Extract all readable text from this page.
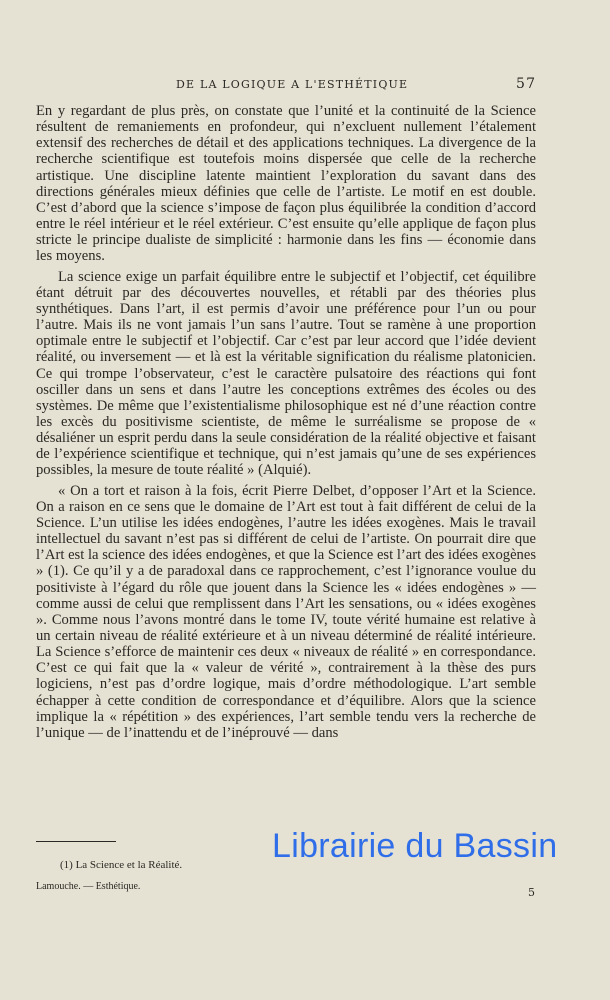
DE LA LOGIQUE A L'ESTHÉTIQUE	57

En y regardant de plus près, on constate que l’unité et la continuité de la Science résultent de remaniements en profondeur, qui n’excluent nullement l’étalement extensif des recherches de détail et des applications techniques. La divergence de la recherche scientifique est toutefois moins dispersée que celle de la recherche artistique. Une discipline latente maintient l’exploration du savant dans des directions générales mieux définies que celle de l’artiste. Le motif en est double. C’est d’abord que la science s’impose de façon plus équilibrée la condition d’accord entre le réel intérieur et le réel extérieur. C’est ensuite qu’elle applique de façon plus stricte le principe dualiste de simplicité : harmonie dans les fins — économie dans les moyens.

La science exige un parfait équilibre entre le subjectif et l’objectif, cet équilibre étant détruit par des découvertes nouvelles, et rétabli par des théories plus synthétiques. Dans l’art, il est permis d’avoir une préférence pour l’un ou pour l’autre. Mais ils ne vont jamais l’un sans l’autre. Tout se ramène à une proportion optimale entre le subjectif et l’objectif. Car c’est par leur accord que l’idée devient réalité, ou inversement — et là est la véritable signification du réalisme platonicien. Ce qui trompe l’observateur, c’est le caractère pulsatoire des réactions qui font osciller dans un sens et dans l’autre les conceptions extrêmes des écoles ou des systèmes. De même que l’existentialisme philosophique est né d’une réaction contre les excès du positivisme scientiste, de même le surréalisme se propose de « désaliéner un esprit perdu dans la seule considération de la réalité objective et faisant de l’expérience scientifique et technique, qui n’est jamais qu’une de ses expériences possibles, la mesure de toute réalité » (Alquié).

« On a tort et raison à la fois, écrit Pierre Delbet, d’opposer l’Art et la Science. On a raison en ce sens que le domaine de l’Art est tout à fait différent de celui de la Science. L’un utilise les idées endogènes, l’autre les idées exogènes. Mais le travail intellectuel du savant n’est pas si différent de celui de l’artiste. On pourrait dire que l’Art est la science des idées endogènes, et que la Science est l’art des idées exogènes » (1). Ce qu’il y a de paradoxal dans ce rapprochement, c’est l’ignorance voulue du positiviste à l’égard du rôle que jouent dans la Science les « idées endogènes » — comme aussi de celui que remplissent dans l’Art les sensations, ou « idées exogènes ». Comme nous l’avons montré dans le tome IV, toute vérité humaine est relative à un certain niveau de réalité extérieure et à un niveau déterminé de réalité intérieure. La Science s’efforce de maintenir ces deux « niveaux de réalité » en correspondance. C’est ce qui fait que la « valeur de vérité », contrairement à la thèse des purs logiciens, n’est pas d’ordre logique, mais d’ordre méthodologique. L’art semble échapper à cette condition de correspondance et d’équilibre. Alors que la science implique la « répétition » des expériences, l’art semble tendu vers la recherche de l’unique — de l’inattendu et de l’inéprouvé — dans

(1) La Science et la Réalité.
Lamouche. — Esthétique.	5
Librairie du Bassin
